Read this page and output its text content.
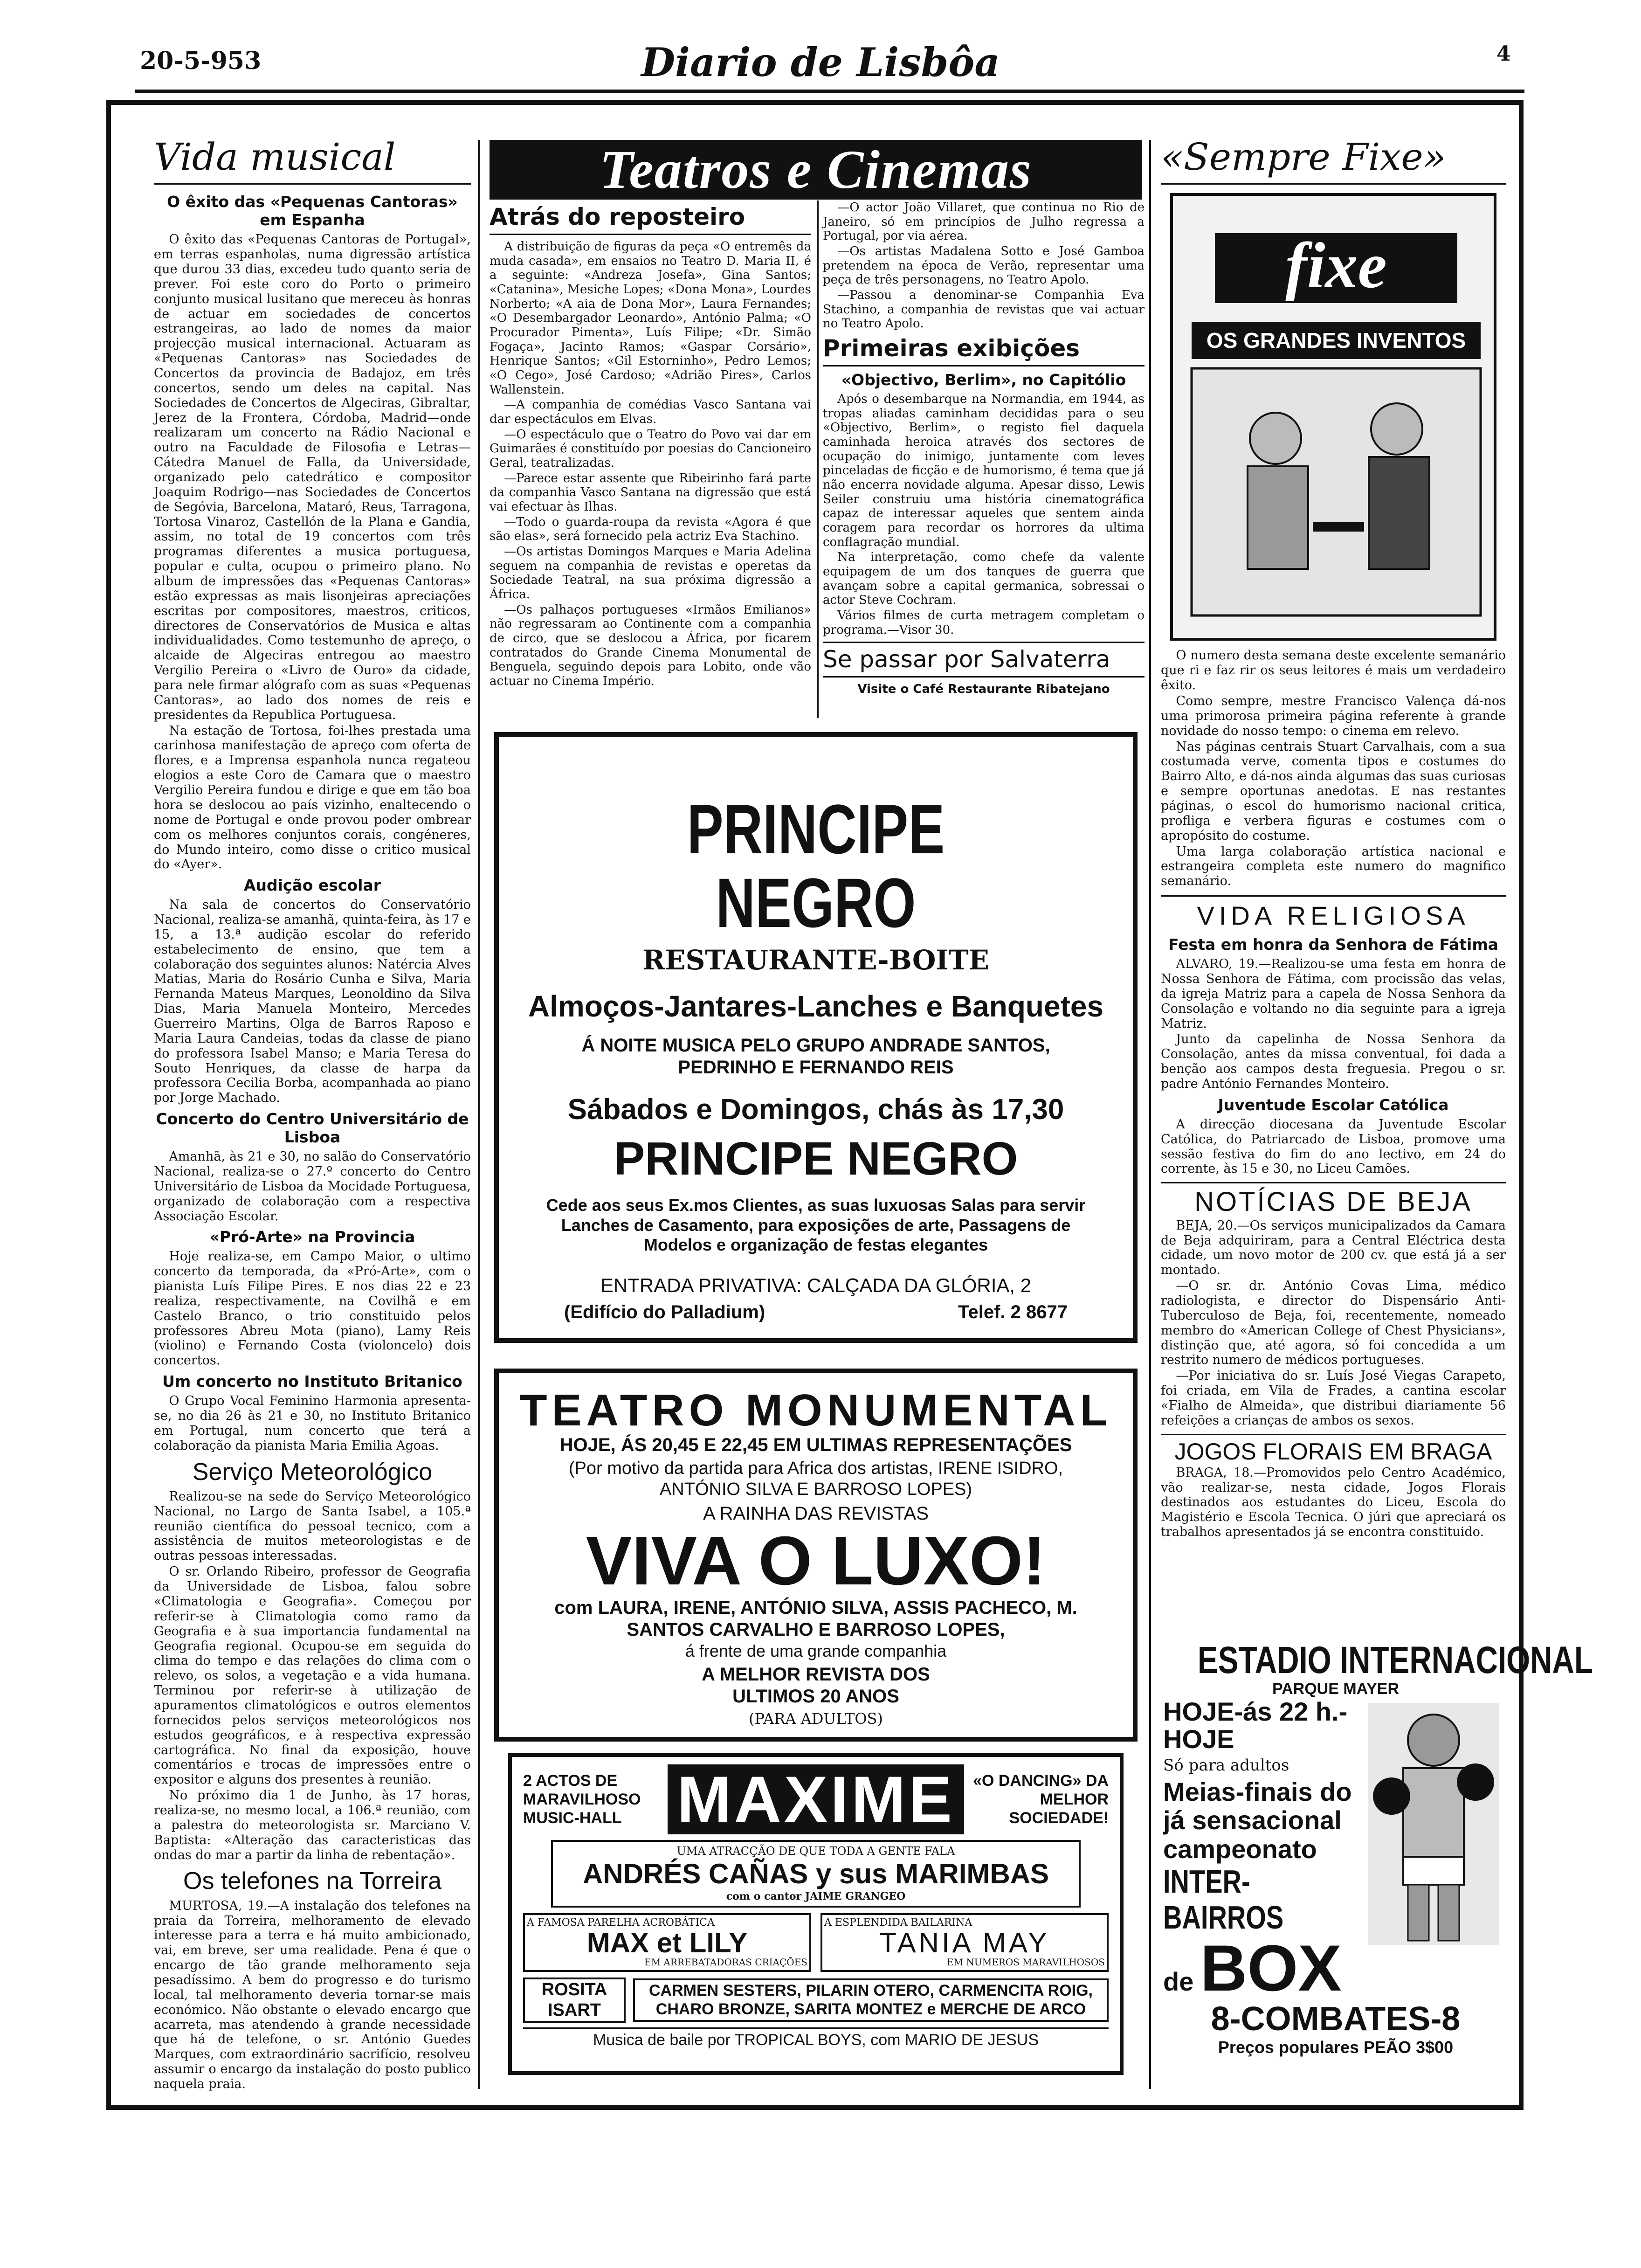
20-5-953	Diario de Lisbôa	4
Vida musical
O êxito das «Pequenas Cantoras» em Espanha

O êxito das «Pequenas Cantoras de Portugal», em terras espanholas, numa digressão artística que durou 33 dias, excedeu tudo quanto seria de prever. Foi este coro do Porto o primeiro conjunto musical lusitano que mereceu às honras de actuar em sociedades de concertos estrangeiras, ao lado de nomes da maior projecção musical internacional. Actuaram as «Pequenas Cantoras» nas Sociedades de Concertos da provincia de Badajoz, em três concertos, sendo um deles na capital. Nas Sociedades de Concertos de Algeciras, Gibraltar, Jerez de la Frontera, Córdoba, Madrid—onde realizaram um concerto na Rádio Nacional e outro na Faculdade de Filosofia e Letras—Cátedra Manuel de Falla, da Universidade, organizado pelo catedrático e compositor Joaquim Rodrigo—nas Sociedades de Concertos de Segóvia, Barcelona, Mataró, Reus, Tarragona, Tortosa Vinaroz, Castellón de la Plana e Gandia, assim, no total de 19 concertos com três programas diferentes a musica portuguesa, popular e culta, ocupou o primeiro plano. No album de impressões das «Pequenas Cantoras» estão expressas as mais lisonjeiras apreciações escritas por compositores, maestros, criticos, directores de Conservatórios de Musica e altas individualidades. Como testemunho de apreço, o alcaide de Algeciras entregou ao maestro Vergilio Pereira o «Livro de Ouro» da cidade, para nele firmar alógrafo com as suas «Pequenas Cantoras», ao lado dos nomes de reis e presidentes da Republica Portuguesa.

Na estação de Tortosa, foi-lhes prestada uma carinhosa manifestação de apreço com oferta de flores, e a Imprensa espanhola nunca regateou elogios a este Coro de Camara que o maestro Vergilio Pereira fundou e dirige e que em tão boa hora se deslocou ao país vizinho, enaltecendo o nome de Portugal e onde provou poder ombrear com os melhores conjuntos corais, congéneres, do Mundo inteiro, como disse o critico musical do «Ayer».

Audição escolar

Na sala de concertos do Conservatório Nacional, realiza-se amanhã, quinta-feira, às 17 e 15, a 13.ª audição escolar do referido estabelecimento de ensino, que tem a colaboração dos seguintes alunos: Natércia Alves Matias, Maria do Rosário Cunha e Silva, Maria Fernanda Mateus Marques, Leonoldino da Silva Dias, Maria Manuela Monteiro, Mercedes Guerreiro Martins, Olga de Barros Raposo e Maria Laura Candeias, todas da classe de piano do professora Isabel Manso; e Maria Teresa do Souto Henriques, da classe de harpa da professora Cecilia Borba, acompanhada ao piano por Jorge Machado.

Concerto do Centro Universitário de Lisboa

Amanhã, às 21 e 30, no salão do Conservatório Nacional, realiza-se o 27.º concerto do Centro Universitário de Lisboa da Mocidade Portuguesa, organizado de colaboração com a respectiva Associação Escolar.

«Pró-Arte» na Provincia

Hoje realiza-se, em Campo Maior, o ultimo concerto da temporada, da «Pró-Arte», com o pianista Luís Filipe Pires. E nos dias 22 e 23 realiza, respectivamente, na Covilhã e em Castelo Branco, o trio constituido pelos professores Abreu Mota (piano), Lamy Reis (violino) e Fernando Costa (violoncelo) dois concertos.

Um concerto no Instituto Britanico

O Grupo Vocal Feminino Harmonia apresenta-se, no dia 26 às 21 e 30, no Instituto Britanico em Portugal, num concerto que terá a colaboração da pianista Maria Emilia Agoas.

Serviço Meteorológico

Realizou-se na sede do Serviço Meteorológico Nacional, no Largo de Santa Isabel, a 105.ª reunião científica do pessoal tecnico, com a assistência de muitos meteorologistas e de outras pessoas interessadas.

O sr. Orlando Ribeiro, professor de Geografia da Universidade de Lisboa, falou sobre «Climatologia e Geografia». Começou por referir-se à Climatologia como ramo da Geografia e à sua importancia fundamental na Geografia regional. Ocupou-se em seguida do clima do tempo e das relações do clima com o relevo, os solos, a vegetação e a vida humana. Terminou por referir-se à utilização de apuramentos climatológicos e outros elementos fornecidos pelos serviços meteorológicos nos estudos geográficos, e à respectiva expressão cartográfica. No final da exposição, houve comentários e trocas de impressões entre o expositor e alguns dos presentes à reunião.

No próximo dia 1 de Junho, às 17 horas, realiza-se, no mesmo local, a 106.ª reunião, com a palestra do meteorologista sr. Marciano V. Baptista: «Alteração das caracteristicas das ondas do mar a partir da linha de rebentação».

Os telefones na Torreira

MURTOSA, 19.—A instalação dos telefones na praia da Torreira, melhoramento de elevado interesse para a terra e há muito ambicionado, vai, em breve, ser uma realidade. Pena é que o encargo de tão grande melhoramento seja pesadíssimo. A bem do progresso e do turismo local, tal melhoramento deveria tornar-se mais económico. Não obstante o elevado encargo que acarreta, mas atendendo à grande necessidade que há de telefone, o sr. António Guedes Marques, com extraordinário sacrifício, resolveu assumir o encargo da instalação do posto publico naquela praia.

Teatros e Cinemas
Atrás do reposteiro

A distribuição de figuras da peça «O entremês da muda casada», em ensaios no Teatro D. Maria II, é a seguinte: «Andreza Josefa», Gina Santos; «Catanina», Mesiche Lopes; «Dona Mona», Lourdes Norberto; «A aia de Dona Mor», Laura Fernandes; «O Desembargador Leonardo», António Palma; «O Procurador Pimenta», Luís Filipe; «Dr. Simão Fogaça», Jacinto Ramos; «Gaspar Corsário», Henrique Santos; «Gil Estorninho», Pedro Lemos; «O Cego», José Cardoso; «Adrião Pires», Carlos Wallenstein.

—A companhia de comédias Vasco Santana vai dar espectáculos em Elvas.

—O espectáculo que o Teatro do Povo vai dar em Guimarães é constituído por poesias do Cancioneiro Geral, teatralizadas.

—Parece estar assente que Ribeirinho fará parte da companhia Vasco Santana na digressão que está vai efectuar às Ilhas.

—Todo o guarda-roupa da revista «Agora é que são elas», será fornecido pela actriz Eva Stachino.

—Os artistas Domingos Marques e Maria Adelina seguem na companhia de revistas e operetas da Sociedade Teatral, na sua próxima digressão a África.

—Os palhaços portugueses «Irmãos Emilianos» não regressaram ao Continente com a companhia de circo, que se deslocou a África, por ficarem contratados do Grande Cinema Monumental de Benguela, seguindo depois para Lobito, onde vão actuar no Cinema Império.

—O actor João Villaret, que continua no Rio de Janeiro, só em princípios de Julho regressa a Portugal, por via aérea.

—Os artistas Madalena Sotto e José Gamboa pretendem na época de Verão, representar uma peça de três personagens, no Teatro Apolo.

—Passou a denominar-se Companhia Eva Stachino, a companhia de revistas que vai actuar no Teatro Apolo.

Primeiras exibições
«Objectivo, Berlim», no Capitólio

Após o desembarque na Normandia, em 1944, as tropas aliadas caminham decididas para o seu «Objectivo, Berlim», o registo fiel daquela caminhada heroica através dos sectores de ocupação do inimigo, juntamente com leves pinceladas de ficção e de humorismo, é tema que já não encerra novidade alguma. Apesar disso, Lewis Seiler construiu uma história cinematográfica capaz de interessar aqueles que sentem ainda coragem para recordar os horrores da ultima conflagração mundial.

Na interpretação, como chefe da valente equipagem de um dos tanques de guerra que avançam sobre a capital germanica, sobressai o actor Steve Cochram.

Vários filmes de curta metragem completam o programa.—Visor 30.

Se passar por Salvaterra
Visite o Café Restaurante Ribatejano
PRINCIPE NEGRO
RESTAURANTE-BOITE
Almoços-Jantares-Lanches e Banquetes
Á NOITE MUSICA PELO GRUPO ANDRADE SANTOS, PEDRINHO E FERNANDO REIS
Sábados e Domingos, chás às 17,30
PRINCIPE NEGRO
Cede aos seus Ex.mos Clientes, as suas luxuosas Salas para servir Lanches de Casamento, para exposições de arte, Passagens de Modelos e organização de festas elegantes
ENTRADA PRIVATIVA: CALÇADA DA GLÓRIA, 2
(Edifício do Palladium)	Telef. 2 8677
TEATRO MONUMENTAL
HOJE, ÁS 20,45 E 22,45 EM ULTIMAS REPRESENTAÇÕES
(Por motivo da partida para Africa dos artistas, IRENE ISIDRO, ANTÓNIO SILVA E BARROSO LOPES)
A RAINHA DAS REVISTAS
VIVA O LUXO!
com LAURA, IRENE, ANTÓNIO SILVA, ASSIS PACHECO, M. SANTOS CARVALHO E BARROSO LOPES,
á frente de uma grande companhia
A MELHOR REVISTA DOS ULTIMOS 20 ANOS
(PARA ADULTOS)
2 ACTOS DE MARAVILHOSO MUSIC-HALL MAXIME	«O DANCING» DA MELHOR SOCIEDADE!
UMA ATRACÇÃO DE QUE TODA A GENTE FALA
ANDRÉS CAÑAS y sus MARIMBAS
com o cantor JAIME GRANGEO
A FAMOSA PARELHA ACROBÁTICA
MAX et LILY
EM ARREBATADORAS CRIAÇÕES
A ESPLENDIDA BAILARINA
TANIA MAY
EM NUMEROS MARAVILHOSOS
ROSITA ISART
CARMEN SESTERS, PILARIN OTERO, CARMENCITA ROIG, CHARO BRONZE, SARITA MONTEZ e MERCHE DE ARCO
Musica de baile por TROPICAL BOYS, com MARIO DE JESUS
«Sempre Fixe»
fixe
OS GRANDES INVENTOS

O numero desta semana deste excelente semanário que ri e faz rir os seus leitores é mais um verdadeiro êxito.

Como sempre, mestre Francisco Valença dá-nos uma primorosa primeira página referente à grande novidade do nosso tempo: o cinema em relevo.

Nas páginas centrais Stuart Carvalhais, com a sua costumada verve, comenta tipos e costumes do Bairro Alto, e dá-nos ainda algumas das suas curiosas e sempre oportunas anedotas. E nas restantes páginas, o escol do humorismo nacional critica, profliga e verbera figuras e costumes com o apropósito do costume.

Uma larga colaboração artística nacional e estrangeira completa este numero do magnifico semanário.

VIDA RELIGIOSA
Festa em honra da Senhora de Fátima

ALVARO, 19.—Realizou-se uma festa em honra de Nossa Senhora de Fátima, com procissão das velas, da igreja Matriz para a capela de Nossa Senhora da Consolação e voltando no dia seguinte para a igreja Matriz.

Junto da capelinha de Nossa Senhora da Consolação, antes da missa conventual, foi dada a benção aos campos desta freguesia. Pregou o sr. padre António Fernandes Monteiro.

Juventude Escolar Católica

A direcção diocesana da Juventude Escolar Católica, do Patriarcado de Lisboa, promove uma sessão festiva do fim do ano lectivo, em 24 do corrente, às 15 e 30, no Liceu Camões.

NOTÍCIAS DE BEJA

BEJA, 20.—Os serviços municipalizados da Camara de Beja adquiriram, para a Central Eléctrica desta cidade, um novo motor de 200 cv. que está já a ser montado.

—O sr. dr. António Covas Lima, médico radiologista, e director do Dispensário Anti-Tuberculoso de Beja, foi, recentemente, nomeado membro do «American College of Chest Physicians», distinção que, até agora, só foi concedida a um restrito numero de médicos portugueses.

—Por iniciativa do sr. Luís José Viegas Carapeto, foi criada, em Vila de Frades, a cantina escolar «Fialho de Almeida», que distribui diariamente 56 refeições a crianças de ambos os sexos.

JOGOS FLORAIS EM BRAGA

BRAGA, 18.—Promovidos pelo Centro Académico, vão realizar-se, nesta cidade, Jogos Florais destinados aos estudantes do Liceu, Escola do Magistério e Escola Tecnica. O júri que apreciará os trabalhos apresentados já se encontra constituido.

ESTADIO INTERNACIONAL
PARQUE MAYER
HOJE-ás 22 h.-HOJE
Só para adultos
Meias-finais do já sensacional campeonato
INTER-BAIRROS
de BOX
8-COMBATES-8
Preços populares PEÃO 3$00
